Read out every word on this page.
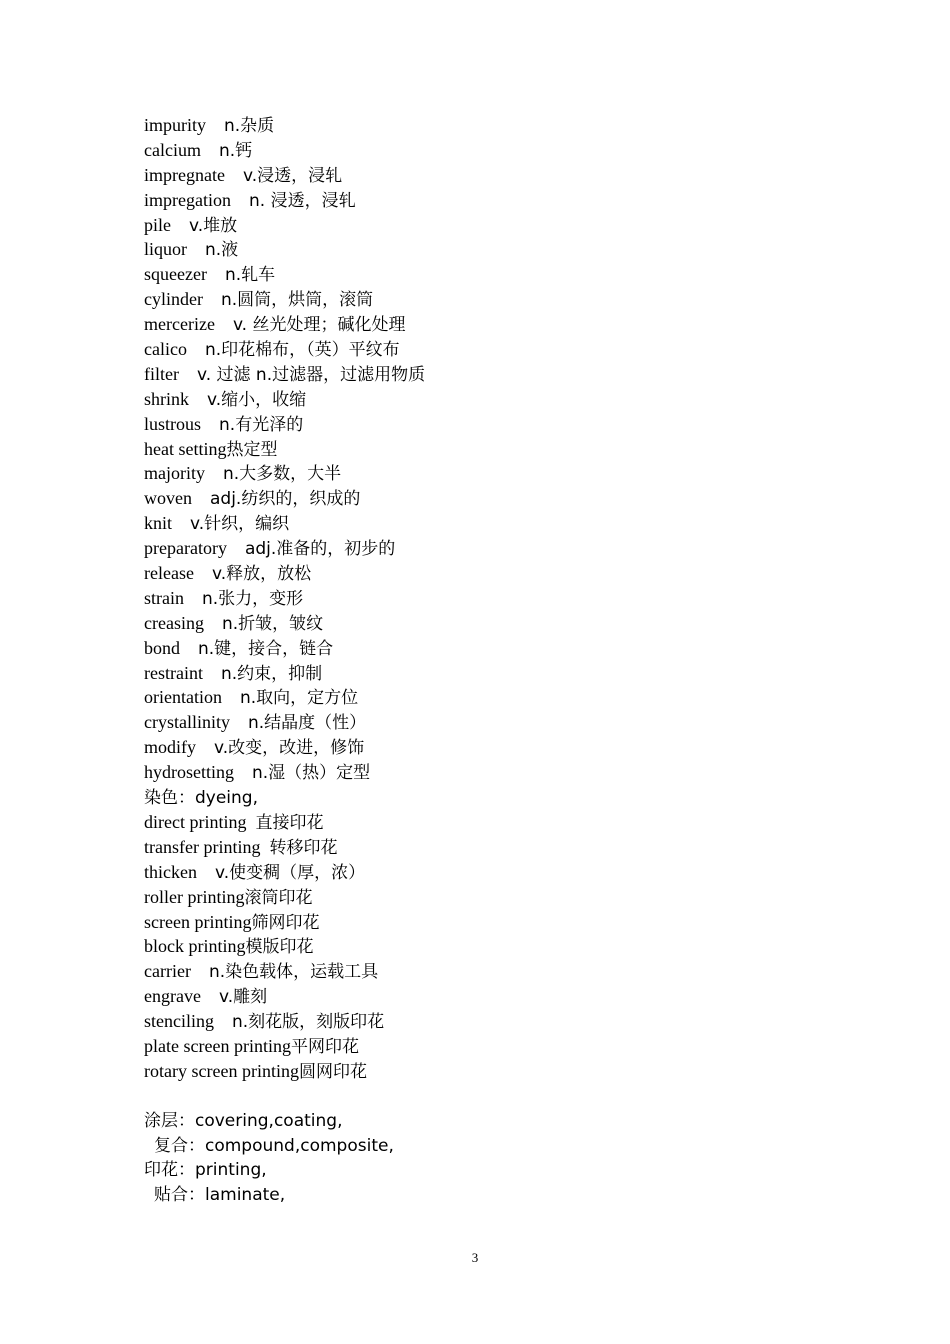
impurity n.杂质
calcium n.钙
impregnate v.浸透，浸轧
impregation n. 浸透，浸轧
pile v.堆放
liquor n.液
squeezer n.轧车
cylinder n.圆筒，烘筒，滚筒
mercerize v. 丝光处理；碱化处理
calico n.印花棉布，（英）平纹布
filter v. 过滤 n.过滤器，过滤用物质
shrink v.缩小，收缩
lustrous n.有光泽的
heat setting热定型
majority n.大多数，大半
woven adj.纺织的，织成的
knit v.针织，编织
preparatory adj.准备的，初步的
release v.释放，放松
strain n.张力，变形
creasing n.折皱，皱纹
bond n.键，接合，链合
restraint n.约束，抑制
orientation n.取向，定方位
crystallinity n.结晶度（性）
modify v.改变，改进，修饰
hydrosetting n.湿（热）定型
染色：dyeing,
direct printing 直接印花
transfer printing 转移印花
thicken v.使变稠（厚，浓）
roller printing滚筒印花
screen printing筛网印花
block printing模版印花
carrier n.染色载体，运载工具
engrave v.雕刻
stenciling n.刻花版，刻版印花
plate screen printing平网印花
rotary screen printing圆网印花
涂层：covering,coating,
复合：compound,composite,
印花：printing,
贴合：laminate,
3
